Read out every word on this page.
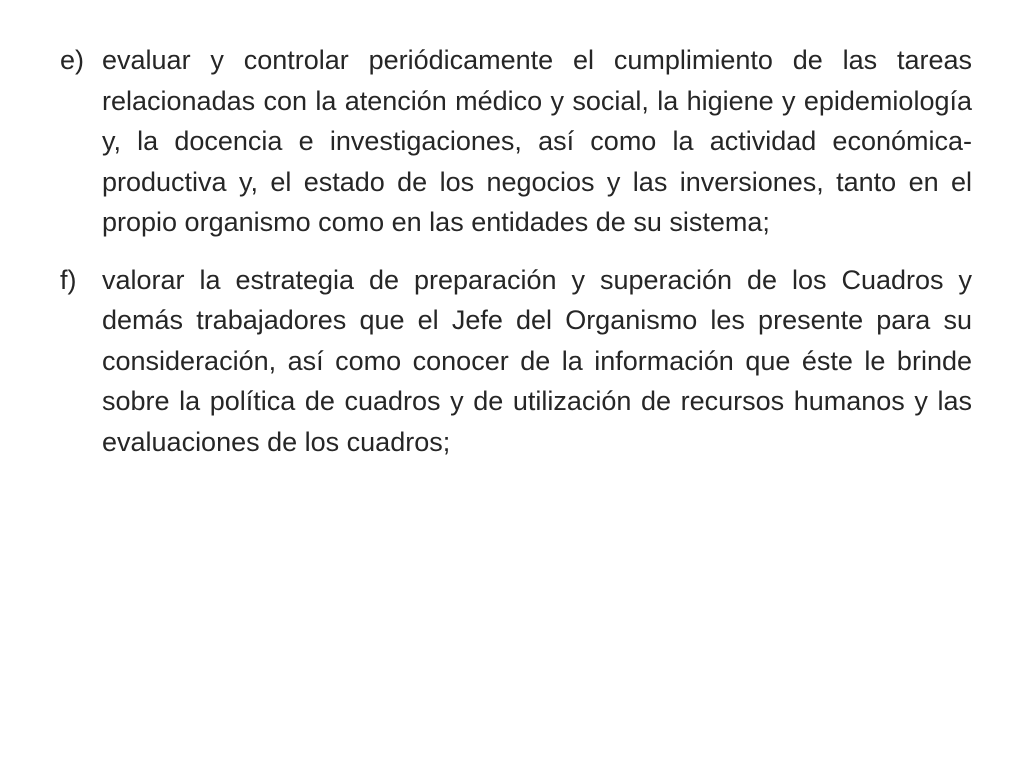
e) evaluar y controlar periódicamente el cumplimiento de las tareas relacionadas con la atención médico y social, la higiene y epidemiología y, la docencia e investigaciones, así como la actividad económica-productiva y, el estado de los negocios y las inversiones, tanto en el propio organismo como en las entidades de su sistema;

f) valorar la estrategia de preparación y superación de los Cuadros y demás trabajadores que el Jefe del Organismo les presente para su consideración, así como conocer de la información que éste le brinde sobre la política de cuadros y de utilización de recursos humanos y las evaluaciones de los cuadros;
